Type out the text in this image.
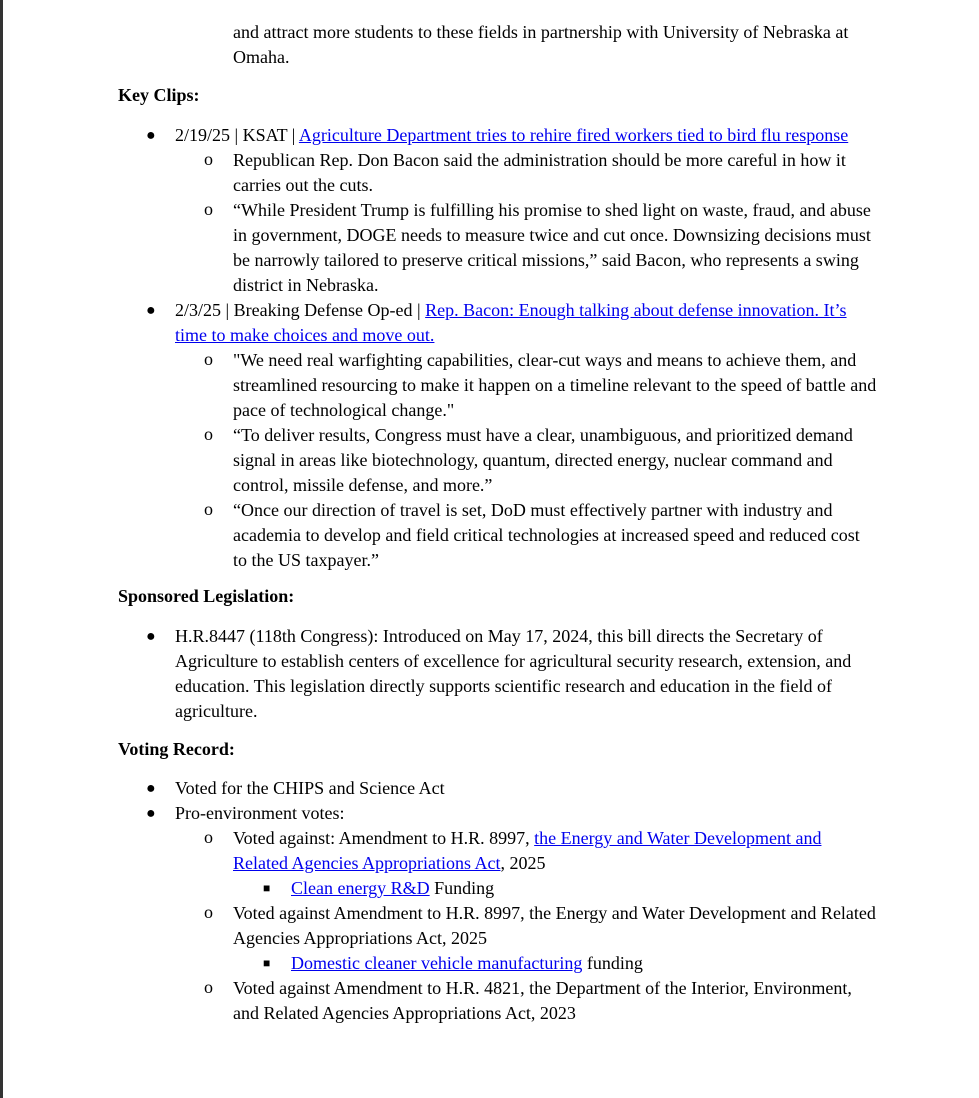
and attract more students to these fields in partnership with University of Nebraska at Omaha.

Key Clips:
● 2/19/25 | KSAT | Agriculture Department tries to rehire fired workers tied to bird flu response
o Republican Rep. Don Bacon said the administration should be more careful in how it carries out the cuts.
o “While President Trump is fulfilling his promise to shed light on waste, fraud, and abuse in government, DOGE needs to measure twice and cut once. Downsizing decisions must be narrowly tailored to preserve critical missions,” said Bacon, who represents a swing district in Nebraska.
● 2/3/25 | Breaking Defense Op-ed | Rep. Bacon: Enough talking about defense innovation. It’s time to make choices and move out.
o "We need real warfighting capabilities, clear-cut ways and means to achieve them, and streamlined resourcing to make it happen on a timeline relevant to the speed of battle and pace of technological change."
o “To deliver results, Congress must have a clear, unambiguous, and prioritized demand signal in areas like biotechnology, quantum, directed energy, nuclear command and control, missile defense, and more.”
o “Once our direction of travel is set, DoD must effectively partner with industry and academia to develop and field critical technologies at increased speed and reduced cost to the US taxpayer.”
Sponsored Legislation:
● H.R.8447 (118th Congress): Introduced on May 17, 2024, this bill directs the Secretary of Agriculture to establish centers of excellence for agricultural security research, extension, and education. This legislation directly supports scientific research and education in the field of agriculture.
Voting Record:
● Voted for the CHIPS and Science Act
● Pro-environment votes:
o Voted against: Amendment to H.R. 8997, the Energy and Water Development and Related Agencies Appropriations Act, 2025
■ Clean energy R&D Funding
o Voted against Amendment to H.R. 8997, the Energy and Water Development and Related Agencies Appropriations Act, 2025
■ Domestic cleaner vehicle manufacturing funding
o Voted against Amendment to H.R. 4821, the Department of the Interior, Environment, and Related Agencies Appropriations Act, 2023
